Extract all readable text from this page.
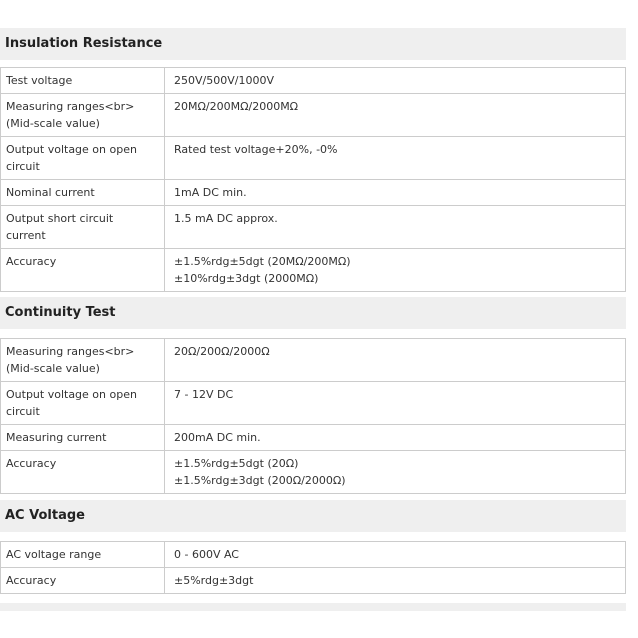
Insulation Resistance
Test voltage	250V/500V/1000V

Measuring ranges<br>
(Mid-scale value)	20MΩ/200MΩ/2000MΩ

Output voltage on open
circuit	Rated test voltage+20%, -0%

Nominal current	1mA DC min.

Output short circuit
current	1.5 mA DC approx.

Accuracy	±1.5%rdg±5dgt (20MΩ/200MΩ)
±10%rdg±3dgt (2000MΩ)
Continuity Test
Measuring ranges<br>
(Mid-scale value)	20Ω/200Ω/2000Ω

Output voltage on open
circuit	7 - 12V DC

Measuring current	200mA DC min.

Accuracy	±1.5%rdg±5dgt (20Ω)
±1.5%rdg±3dgt (200Ω/2000Ω)
AC Voltage
AC voltage range	0 - 600V AC

Accuracy	±5%rdg±3dgt
